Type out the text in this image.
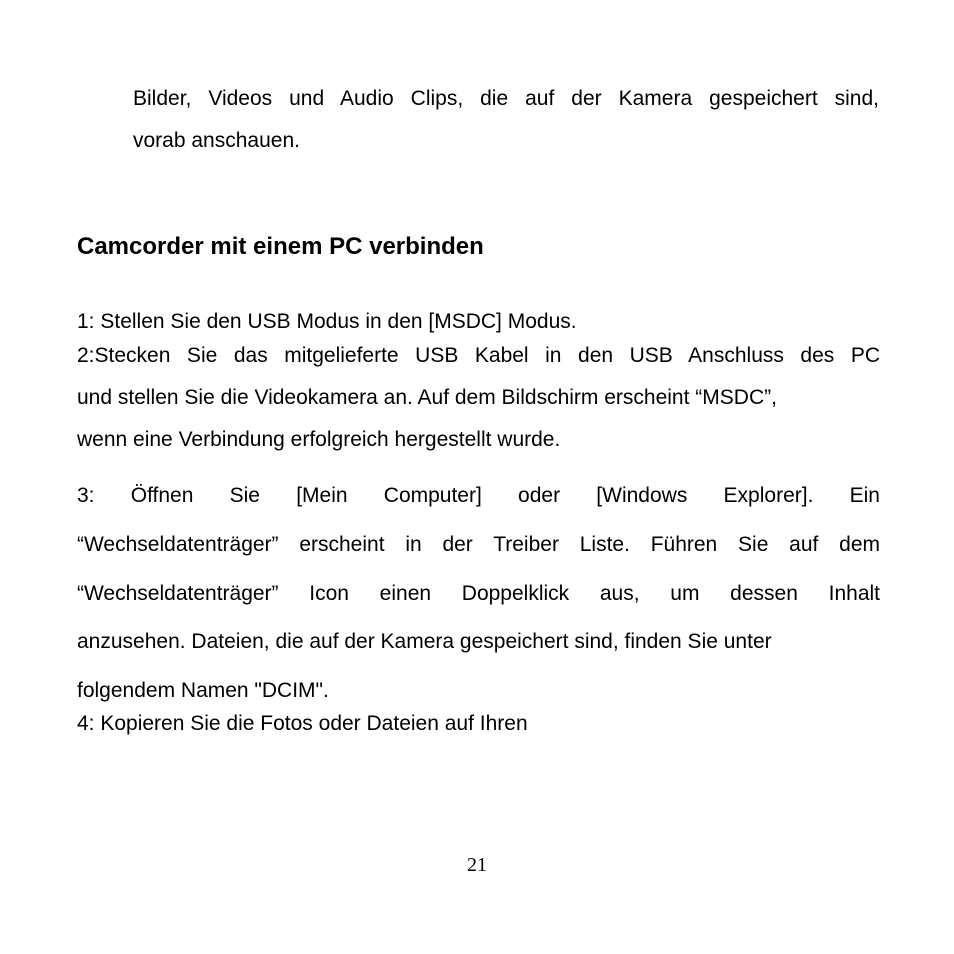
Bilder, Videos und Audio Clips, die auf der Kamera gespeichert sind,
vorab anschauen.
Camcorder mit einem PC verbinden
1: Stellen Sie den USB Modus in den [MSDC] Modus.
2:Stecken Sie das mitgelieferte USB Kabel in den USB Anschluss des PC
und stellen Sie die Videokamera an. Auf dem Bildschirm erscheint “MSDC”,
wenn eine Verbindung erfolgreich hergestellt wurde.
3: Öffnen Sie [Mein Computer] oder [Windows Explorer]. Ein
“Wechseldatenträger” erscheint in der Treiber Liste. Führen Sie auf dem
“Wechseldatenträger” Icon einen Doppelklick aus, um dessen Inhalt
anzusehen. Dateien, die auf der Kamera gespeichert sind, finden Sie unter
folgendem Namen "DCIM".
4: Kopieren Sie die Fotos oder Dateien auf Ihren
21
